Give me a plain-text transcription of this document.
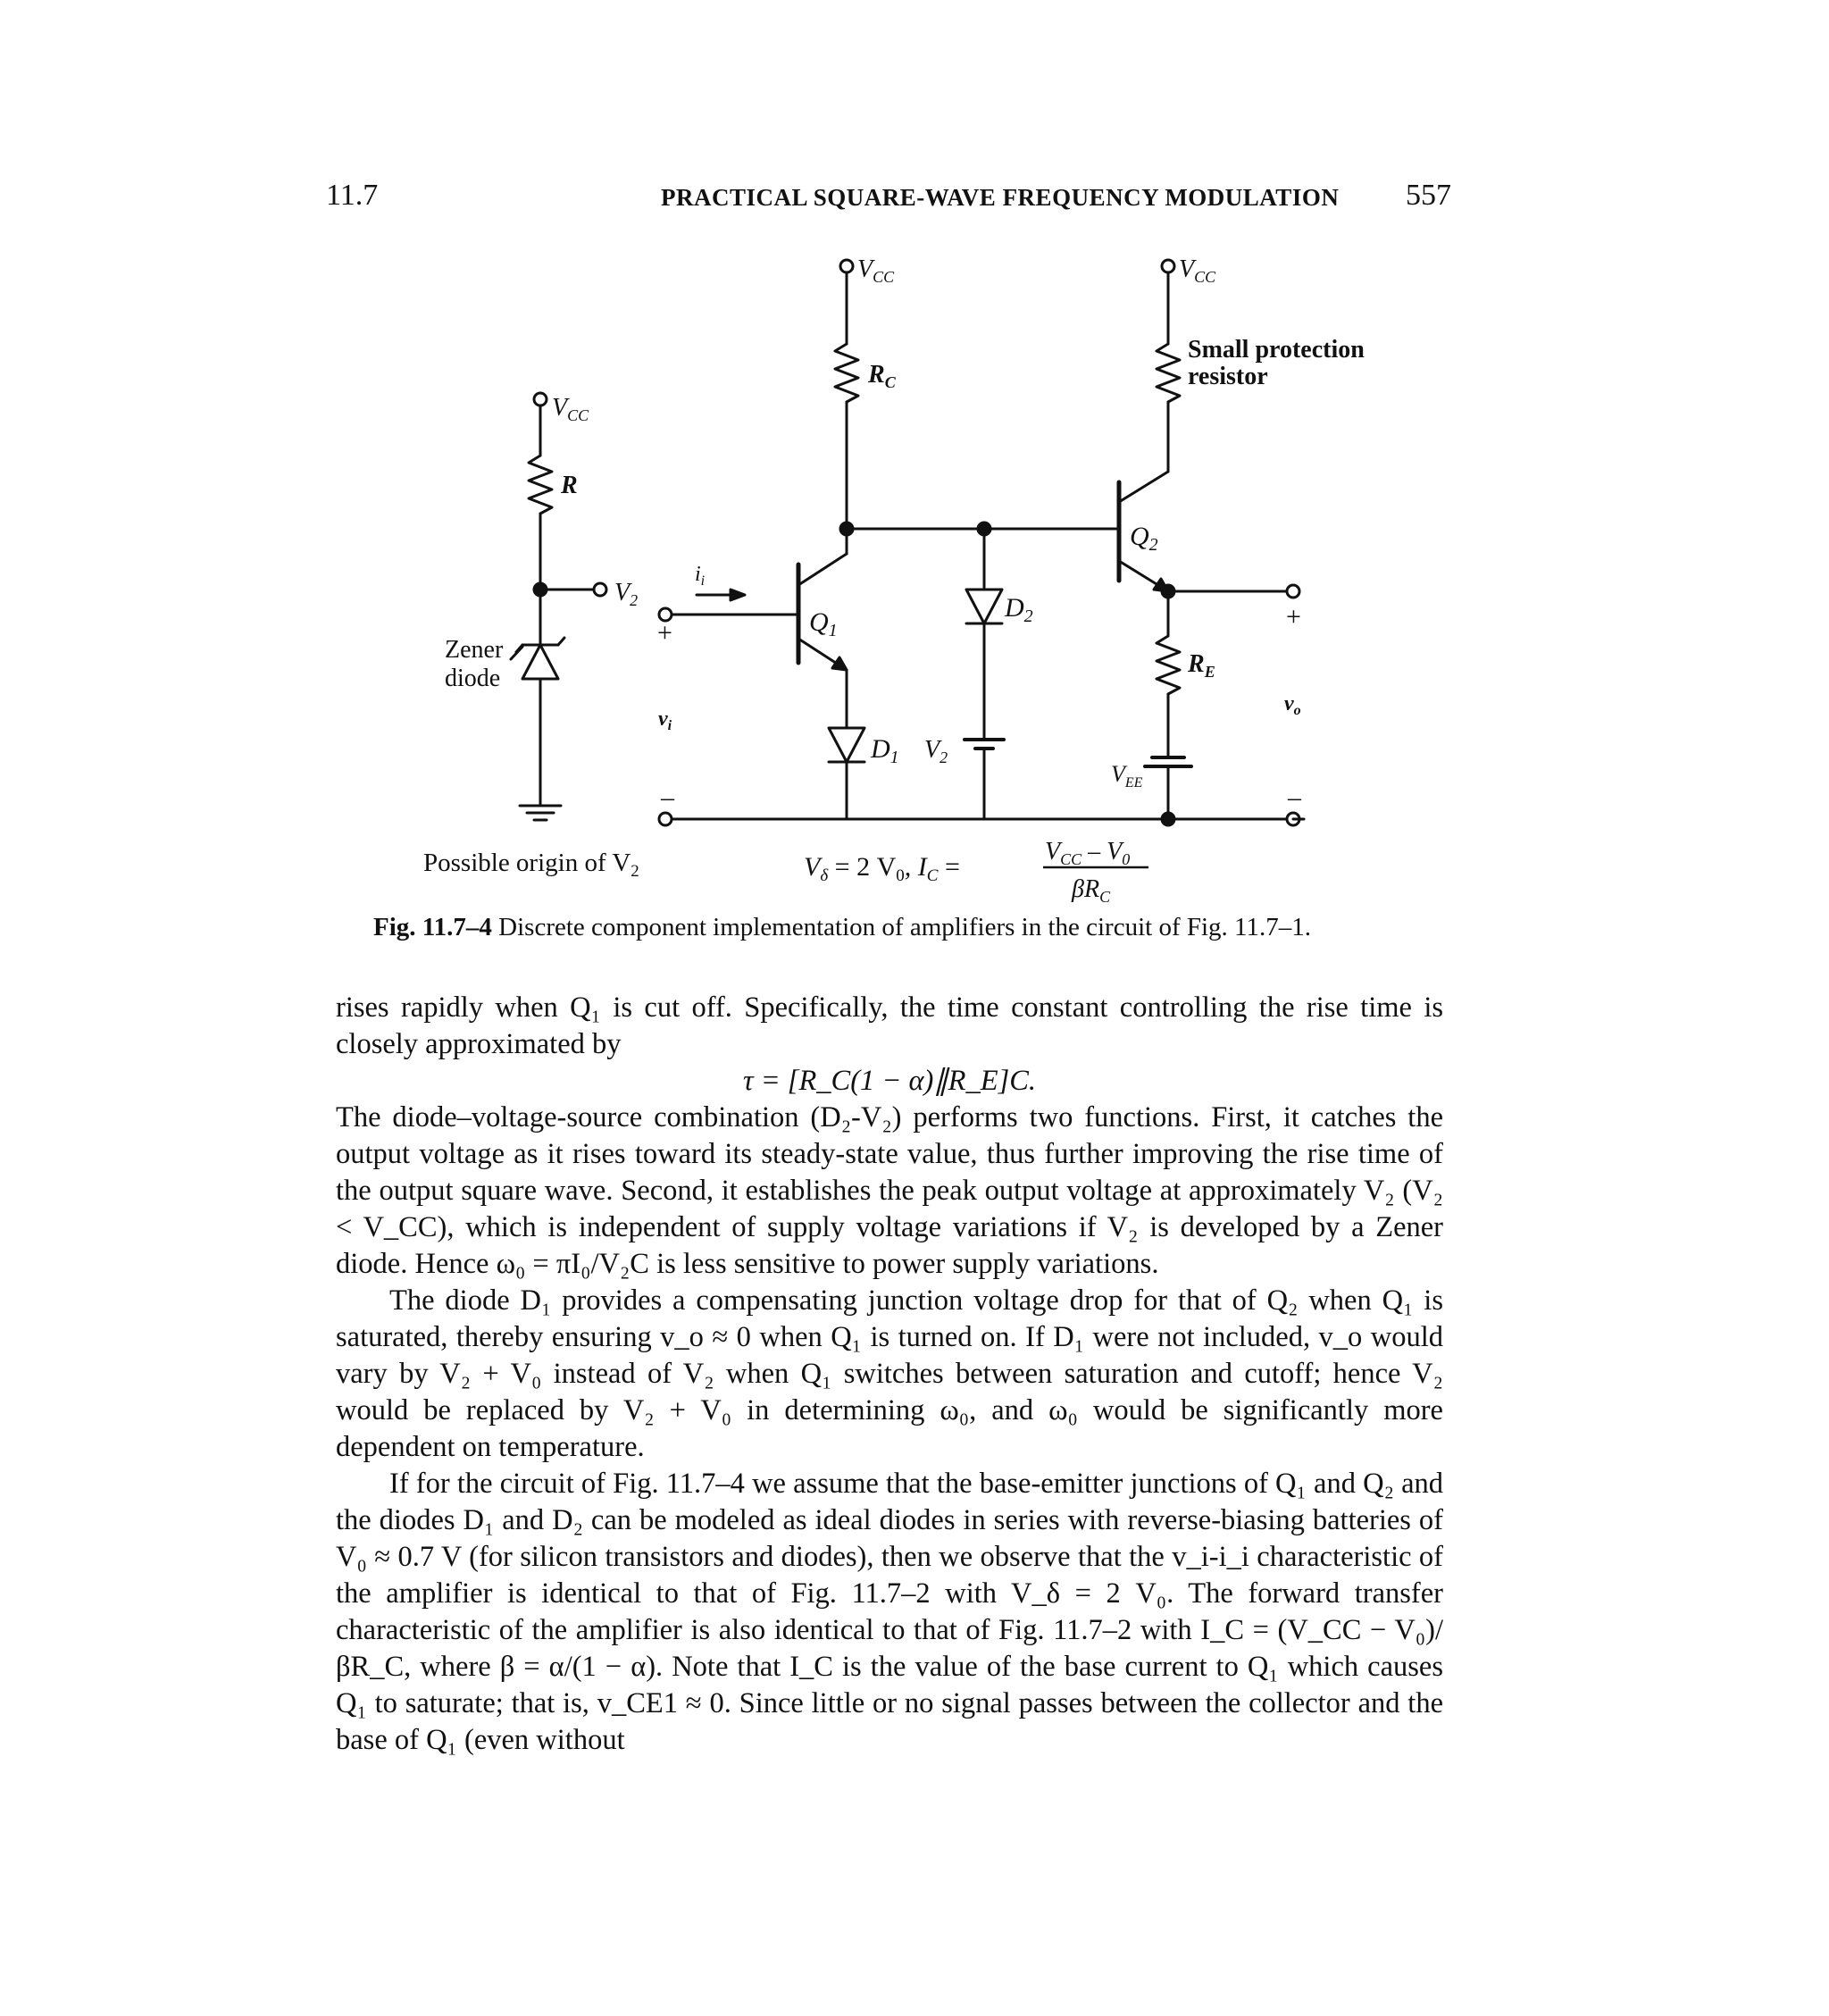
11.7	PRACTICAL SQUARE-WAVE FREQUENCY MODULATION 557
$V_{CC}$
$V_{CC}$	$V_{CC}$
R
$R_C$
$R_E$
$V_2$
Zener
diode
$i_i$
+
–
$v_i$
$Q_1$
$Q_2$
$D_1$
$D_2$
$V_2$
$V_{EE}$
+
–
$v_o$
Small protection
resistor
Possible origin of $V_2$	$V_\delta = 2$ $V_0$, $I_C$ =
$V_{CC} - V_0$
$\beta R_C$
Fig. 11.7–4 Discrete component implementation of amplifiers in the circuit of Fig. 11.7–1.

rises rapidly when Q₁ is cut off. Specifically, the time constant controlling the rise time is closely approximated by

τ = [R_C(1 − α)∥R_E]C.

The diode–voltage-source combination (D₂-V₂) performs two functions. First, it catches the output voltage as it rises toward its steady-state value, thus further improving the rise time of the output square wave. Second, it establishes the peak output voltage at approximately V₂ (V₂ < V_CC), which is independent of supply voltage variations if V₂ is developed by a Zener diode. Hence ω₀ = πI₀/V₂C is less sensitive to power supply variations.

The diode D₁ provides a compensating junction voltage drop for that of Q₂ when Q₁ is saturated, thereby ensuring v_o ≈ 0 when Q₁ is turned on. If D₁ were not included, v_o would vary by V₂ + V₀ instead of V₂ when Q₁ switches between saturation and cutoff; hence V₂ would be replaced by V₂ + V₀ in determining ω₀, and ω₀ would be significantly more dependent on temperature.

If for the circuit of Fig. 11.7–4 we assume that the base-emitter junctions of Q₁ and Q₂ and the diodes D₁ and D₂ can be modeled as ideal diodes in series with reverse-biasing batteries of V₀ ≈ 0.7 V (for silicon transistors and diodes), then we observe that the v_i-i_i characteristic of the amplifier is identical to that of Fig. 11.7–2 with V_δ = 2 V₀. The forward transfer characteristic of the amplifier is also identical to that of Fig. 11.7–2 with I_C = (V_CC − V₀)/βR_C, where β = α/(1 − α). Note that I_C is the value of the base current to Q₁ which causes Q₁ to saturate; that is, v_CE1 ≈ 0. Since little or no signal passes between the collector and the base of Q₁ (even without
